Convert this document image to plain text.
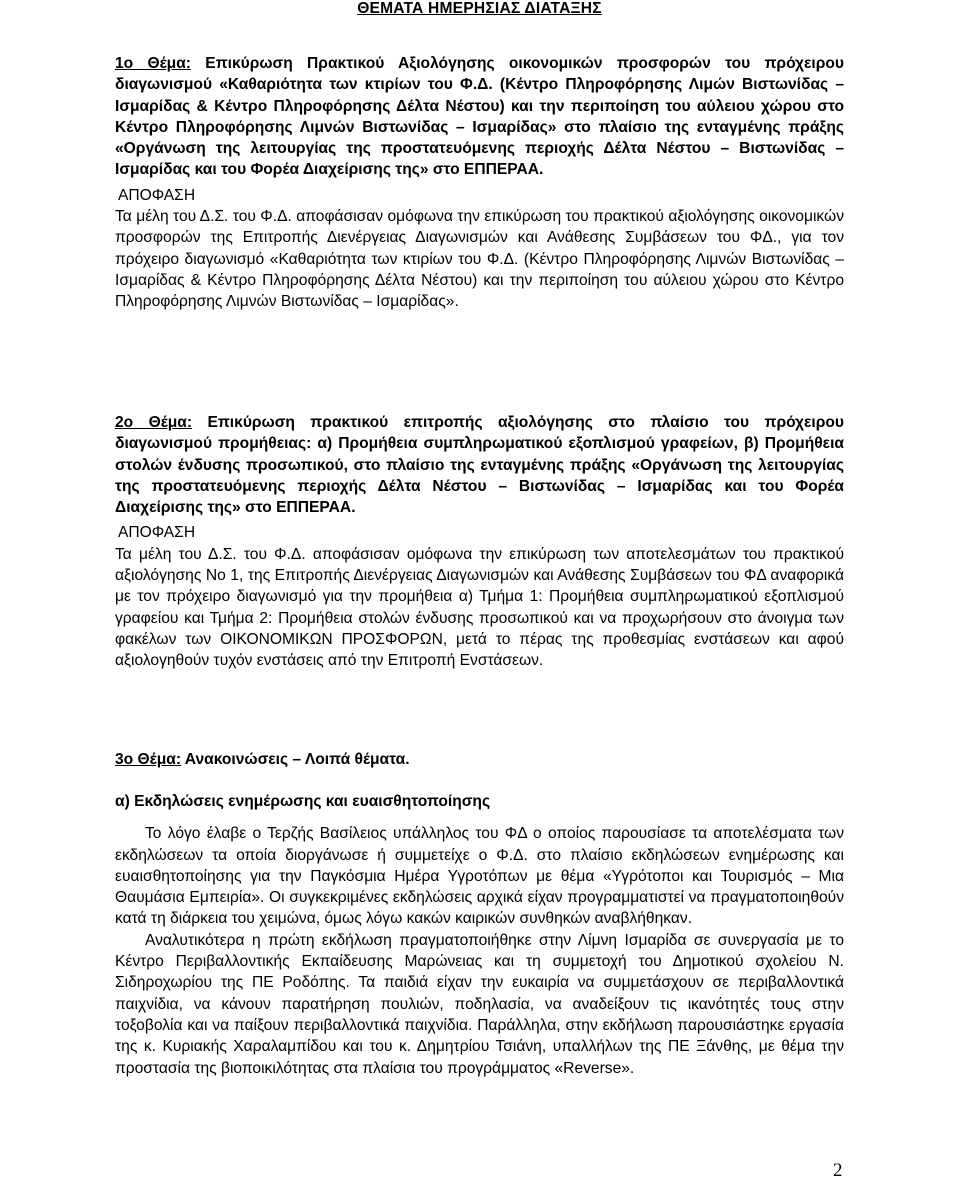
ΘΕΜΑΤΑ ΗΜΕΡΗΣΙΑΣ ΔΙΑΤΑΞΗΣ

1ο Θέμα: Επικύρωση Πρακτικού Αξιολόγησης οικονομικών προσφορών του πρόχειρου διαγωνισμού «Καθαριότητα των κτιρίων του Φ.Δ. (Κέντρο Πληροφόρησης Λιμών Βιστωνίδας – Ισμαρίδας & Κέντρο Πληροφόρησης Δέλτα Νέστου) και την περιποίηση του αύλειου χώρου στο Κέντρο Πληροφόρησης Λιμνών Βιστωνίδας – Ισμαρίδας» στο πλαίσιο της ενταγμένης πράξης «Οργάνωση της λειτουργίας της προστατευόμενης περιοχής Δέλτα Νέστου – Βιστωνίδας – Ισμαρίδας και του Φορέα Διαχείρισης της» στο ΕΠΠΕΡΑΑ.

ΑΠΟΦΑΣΗ

Τα μέλη του Δ.Σ. του Φ.Δ. αποφάσισαν ομόφωνα την επικύρωση του πρακτικού αξιολόγησης οικονομικών προσφορών της Επιτροπής Διενέργειας Διαγωνισμών και Ανάθεσης Συμβάσεων του ΦΔ., για τον πρόχειρο διαγωνισμό «Καθαριότητα των κτιρίων του Φ.Δ. (Κέντρο Πληροφόρησης Λιμνών Βιστωνίδας – Ισμαρίδας & Κέντρο Πληροφόρησης Δέλτα Νέστου) και την περιποίηση του αύλειου χώρου στο Κέντρο Πληροφόρησης Λιμνών Βιστωνίδας – Ισμαρίδας».

2ο Θέμα: Επικύρωση πρακτικού επιτροπής αξιολόγησης στο πλαίσιο του πρόχειρου διαγωνισμού προμήθειας: α) Προμήθεια συμπληρωματικού εξοπλισμού γραφείων, β) Προμήθεια στολών ένδυσης προσωπικού, στο πλαίσιο της ενταγμένης πράξης «Οργάνωση της λειτουργίας της προστατευόμενης περιοχής Δέλτα Νέστου – Βιστωνίδας – Ισμαρίδας και του Φορέα Διαχείρισης της» στο ΕΠΠΕΡΑΑ.

ΑΠΟΦΑΣΗ

Τα μέλη του Δ.Σ. του Φ.Δ. αποφάσισαν ομόφωνα την επικύρωση των αποτελεσμάτων του πρακτικού αξιολόγησης Νο 1, της Επιτροπής Διενέργειας Διαγωνισμών και Ανάθεσης Συμβάσεων του ΦΔ αναφορικά με τον πρόχειρο διαγωνισμό για την προμήθεια α) Τμήμα 1: Προμήθεια συμπληρωματικού εξοπλισμού γραφείου και Τμήμα 2: Προμήθεια στολών ένδυσης προσωπικού και να προχωρήσουν στο άνοιγμα των φακέλων των ΟΙΚΟΝΟΜΙΚΩΝ ΠΡΟΣΦΟΡΩΝ, μετά το πέρας της προθεσμίας ενστάσεων και αφού αξιολογηθούν τυχόν ενστάσεις από την Επιτροπή Ενστάσεων.

3ο Θέμα: Ανακοινώσεις – Λοιπά θέματα.

α) Εκδηλώσεις ενημέρωσης και ευαισθητοποίησης

Το λόγο έλαβε ο Τερζής Βασίλειος υπάλληλος του ΦΔ ο οποίος παρουσίασε τα αποτελέσματα των εκδηλώσεων τα οποία διοργάνωσε ή συμμετείχε ο Φ.Δ. στο πλαίσιο εκδηλώσεων ενημέρωσης και ευαισθητοποίησης για την Παγκόσμια Ημέρα Υγροτόπων με θέμα «Υγρότοποι και Τουρισμός – Μια Θαυμάσια Εμπειρία». Οι συγκεκριμένες εκδηλώσεις αρχικά είχαν προγραμματιστεί να πραγματοποιηθούν κατά τη διάρκεια του χειμώνα, όμως λόγω κακών καιρικών συνθηκών αναβλήθηκαν.

Αναλυτικότερα η πρώτη εκδήλωση πραγματοποιήθηκε στην Λίμνη Ισμαρίδα σε συνεργασία με το Κέντρο Περιβαλλοντικής Εκπαίδευσης Μαρώνειας και τη συμμετοχή του Δημοτικού σχολείου Ν. Σιδηροχωρίου της ΠΕ Ροδόπης. Τα παιδιά είχαν την ευκαιρία να συμμετάσχουν σε περιβαλλοντικά παιχνίδια, να κάνουν παρατήρηση πουλιών, ποδηλασία, να αναδείξουν τις ικανότητές τους στην τοξοβολία και να παίξουν περιβαλλοντικά παιχνίδια. Παράλληλα, στην εκδήλωση παρουσιάστηκε εργασία της κ. Κυριακής Χαραλαμπίδου και του κ. Δημητρίου Τσιάνη, υπαλλήλων της ΠΕ Ξάνθης, με θέμα την προστασία της βιοποικιλότητας στα πλαίσια του προγράμματος «Reverse».

2
